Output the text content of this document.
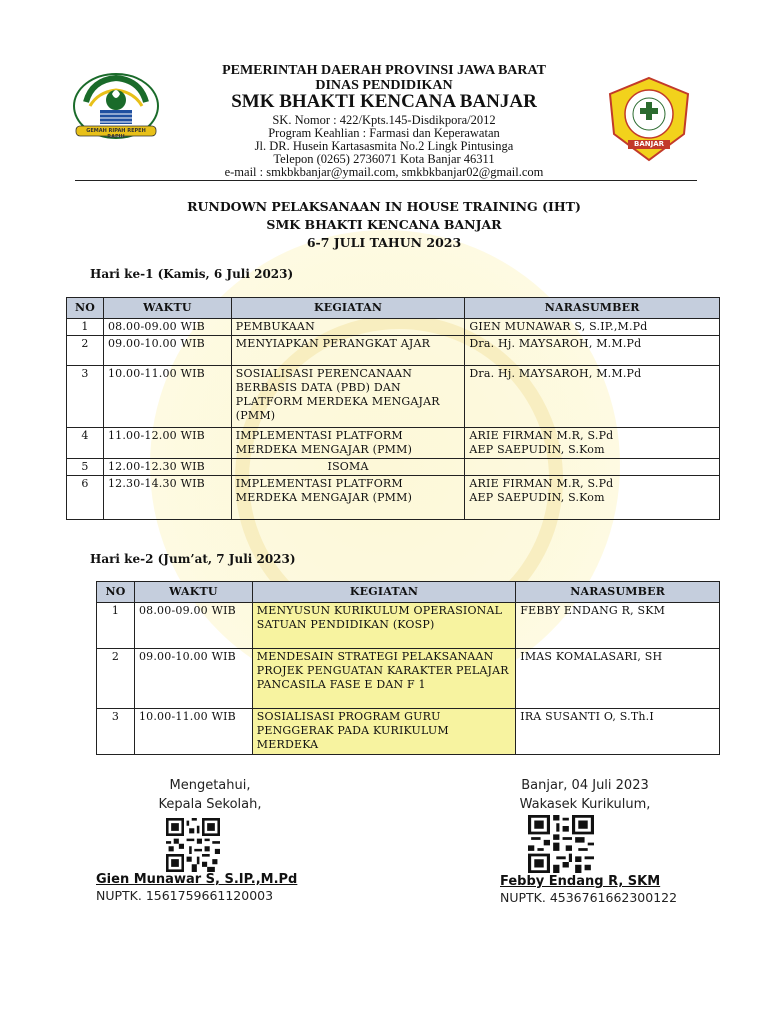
GEMAH RIPAH REPEH RAPIH
BANJAR
PEMERINTAH DAERAH PROVINSI JAWA BARAT
DINAS PENDIDIKAN
SMK BHAKTI KENCANA BANJAR
SK. Nomor : 422/Kpts.145-Disdikpora/2012
Program Keahlian : Farmasi dan Keperawatan
Jl. DR. Husein Kartasasmita No.2 Lingk Pintusinga
Telepon (0265) 2736071 Kota Banjar 46311
e-mail : smkbkbanjar@ymail.com, smkbkbanjar02@gmail.com
RUNDOWN PELAKSANAAN IN HOUSE TRAINING (IHT)
SMK BHAKTI KENCANA BANJAR
6-7 JULI TAHUN 2023
Hari ke-1 (Kamis, 6 Juli 2023)
NO	WAKTU	KEGIATAN	NARASUMBER
1	08.00-09.00 WIB	PEMBUKAAN	GIEN MUNAWAR S, S.IP.,M.Pd
2	09.00-10.00 WIB	MENYIAPKAN PERANGKAT AJAR	Dra. Hj. MAYSAROH, M.M.Pd
3	10.00-11.00 WIB	SOSIALISASI PERENCANAAN BERBASIS DATA (PBD) DAN PLATFORM MERDEKA MENGAJAR (PMM)	Dra. Hj. MAYSAROH, M.M.Pd
4	11.00-12.00 WIB	IMPLEMENTASI PLATFORM MERDEKA MENGAJAR (PMM)	ARIE FIRMAN M.R, S.Pd
AEP SAEPUDIN, S.Kom
5	12.00-12.30 WIB	ISOMA	
6	12.30-14.30 WIB	IMPLEMENTASI PLATFORM MERDEKA MENGAJAR (PMM)	ARIE FIRMAN M.R, S.Pd
AEP SAEPUDIN, S.Kom
Hari ke-2 (Jum’at, 7 Juli 2023)
NO	WAKTU	KEGIATAN	NARASUMBER
1	08.00-09.00 WIB	MENYUSUN KURIKULUM OPERASIONAL SATUAN PENDIDIKAN (KOSP)	FEBBY ENDANG R, SKM
2	09.00-10.00 WIB	MENDESAIN STRATEGI PELAKSANAAN PROJEK PENGUATAN KARAKTER PELAJAR PANCASILA FASE E DAN F 1	IMAS KOMALASARI, SH
3	10.00-11.00 WIB	SOSIALISASI PROGRAM GURU PENGGERAK PADA KURIKULUM MERDEKA	IRA SUSANTI O, S.Th.I
Mengetahui,
Kepala Sekolah,
Gien Munawar S, S.IP.,M.Pd
NUPTK. 1561759661120003
Banjar, 04 Juli 2023
Wakasek Kurikulum,
Febby Endang R, SKM
NUPTK. 4536761662300122
